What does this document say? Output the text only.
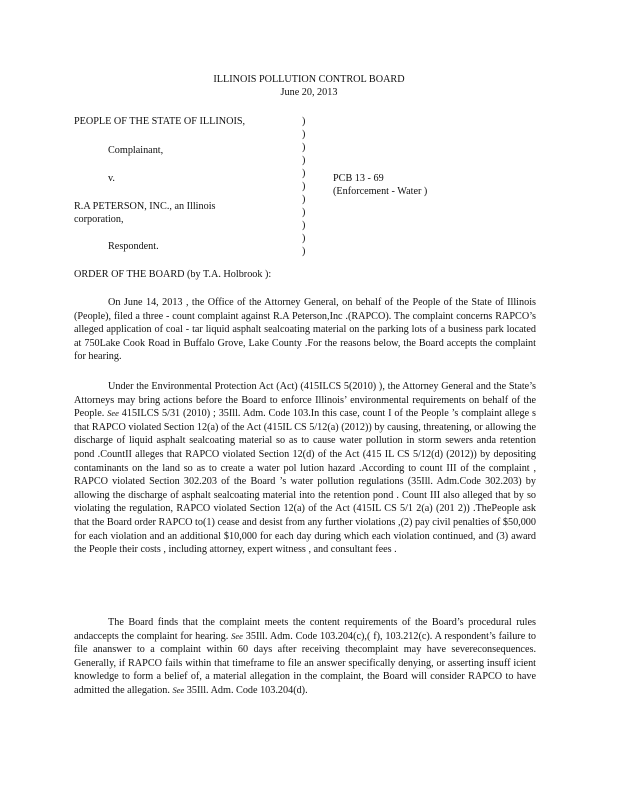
ILLINOIS POLLUTION CONTROL BOARD
June 20, 2013
PEOPLE OF THE STATE OF ILLINOIS,
Complainant,
v.
R.A PETERSON, INC., an Illinois
corporation,
Respondent.
)
)
)
)
)
)
)
)
)
)
)
PCB 13 - 69
(Enforcement - Water )
ORDER OF THE BOARD (by T.A. Holbrook ):

On June 14, 2013 , the Office of the Attorney General, on behalf of the People of the State of Illinois (People), filed a three - count complaint against R.A Peterson,Inc .(RAPCO). The complaint concerns RAPCO’s alleged application of coal - tar liquid asphalt sealcoating material on the parking lots of a business park located at 750Lake Cook Road in Buffalo Grove, Lake County .For the reasons below, the Board accepts the complaint for hearing.

Under the Environmental Protection Act (Act) (415ILCS 5(2010) ), the Attorney General and the State’s Attorneys may bring actions before the Board to enforce Illinois’ environmental requirements on behalf of the People. See 415ILCS 5/31 (2010) ; 35Ill. Adm. Code 103.In this case, count I of the People ’s complaint allege s that RAPCO violated Section 12(a) of the Act (415IL CS 5/12(a) (2012)) by causing, threatening, or allowing the discharge of liquid asphalt sealcoating material so as to cause water pollution in storm sewers anda retention pond .CountII alleges that RAPCO violated Section 12(d) of the Act (415 IL CS 5/12(d) (2012)) by depositing contaminants on the land so as to create a water pol lution hazard .According to count III of the complaint , RAPCO violated Section 302.203 of the Board ’s water pollution regulations (35Ill. Adm.Code 302.203) by allowing the discharge of asphalt sealcoating material into the retention pond . Count III also alleged that by so violating the regulation, RAPCO violated Section 12(a) of the Act (415IL CS 5/1 2(a) (201 2)) .ThePeople ask that the Board order RAPCO to(1) cease and desist from any further violations ,(2) pay civil penalties of $50,000 for each violation and an additional $10,000 for each day during which each violation continued, and (3) award the People their costs , including attorney, expert witness , and consultant fees .

The Board finds that the complaint meets the content requirements of the Board’s procedural rules andaccepts the complaint for hearing. See 35Ill. Adm. Code 103.204(c),( f), 103.212(c). A respondent’s failure to file ananswer to a complaint within 60 days after receiving thecomplaint may have severeconsequences. Generally, if RAPCO fails within that timeframe to file an answer specifically denying, or asserting insuff icient knowledge to form a belief of, a material allegation in the complaint, the Board will consider RAPCO to have admitted the allegation. See 35Ill. Adm. Code 103.204(d).
